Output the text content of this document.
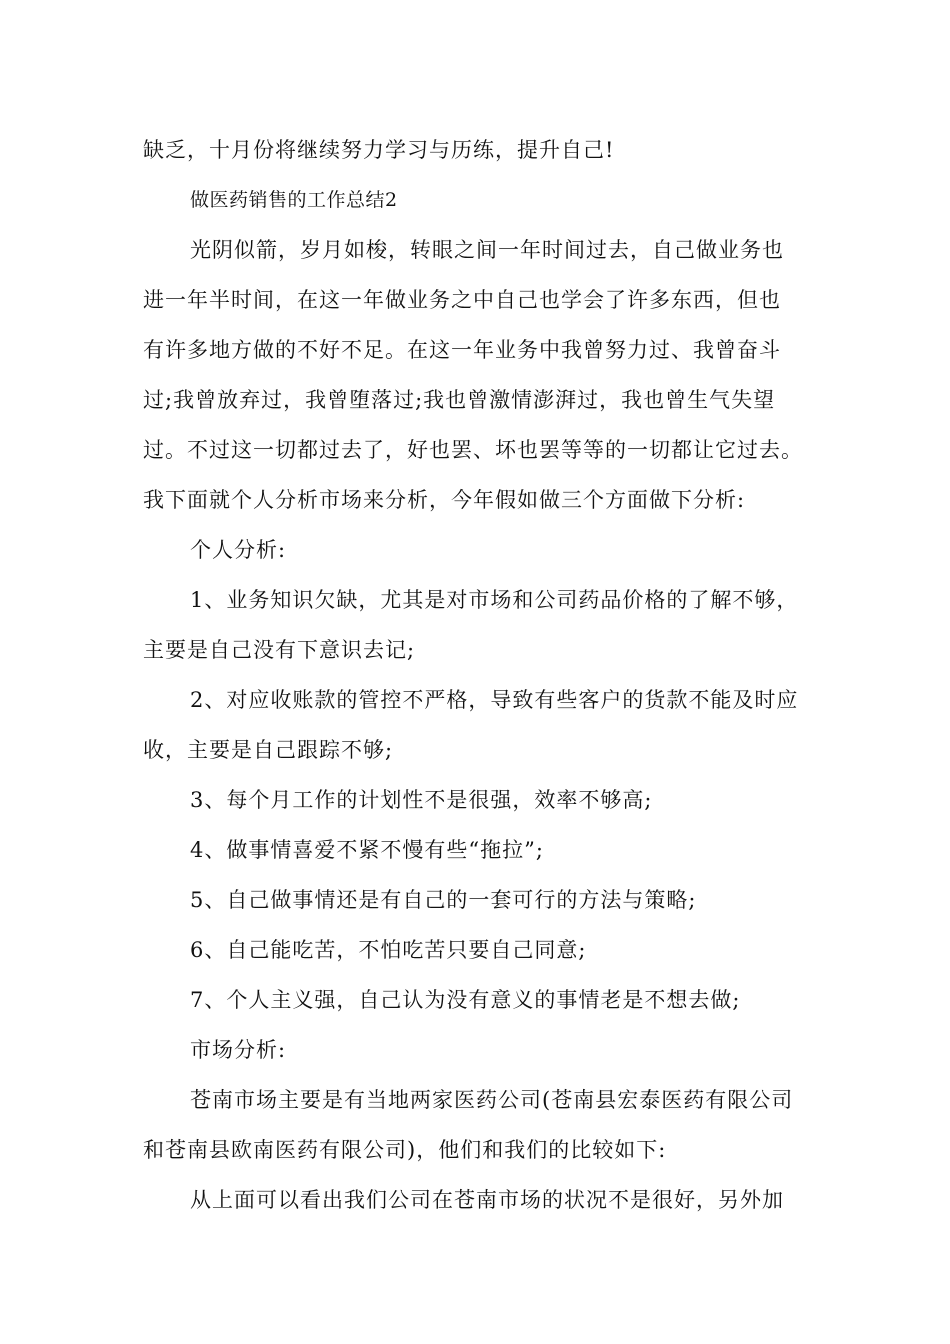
缺乏，十月份将继续努力学习与历练，提升自己!
做医药销售的工作总结2
光阴似箭，岁月如梭，转眼之间一年时间过去，自己做业务也
进一年半时间，在这一年做业务之中自己也学会了许多东西，但也
有许多地方做的不好不足。在这一年业务中我曾努力过、我曾奋斗
过;我曾放弃过，我曾堕落过;我也曾激情澎湃过，我也曾生气失望
过。不过这一切都过去了，好也罢、坏也罢等等的一切都让它过去。
我下面就个人分析市场来分析，今年假如做三个方面做下分析:
个人分析:
1、业务知识欠缺，尤其是对市场和公司药品价格的了解不够，
主要是自己没有下意识去记;
2、对应收账款的管控不严格，导致有些客户的货款不能及时应
收，主要是自己跟踪不够;
3、每个月工作的计划性不是很强，效率不够高;
4、做事情喜爱不紧不慢有些“拖拉”;
5、自己做事情还是有自己的一套可行的方法与策略;
6、自己能吃苦，不怕吃苦只要自己同意;
7、个人主义强，自己认为没有意义的事情老是不想去做;
市场分析:
苍南市场主要是有当地两家医药公司(苍南县宏泰医药有限公司
和苍南县欧南医药有限公司)，他们和我们的比较如下:
从上面可以看出我们公司在苍南市场的状况不是很好，另外加
